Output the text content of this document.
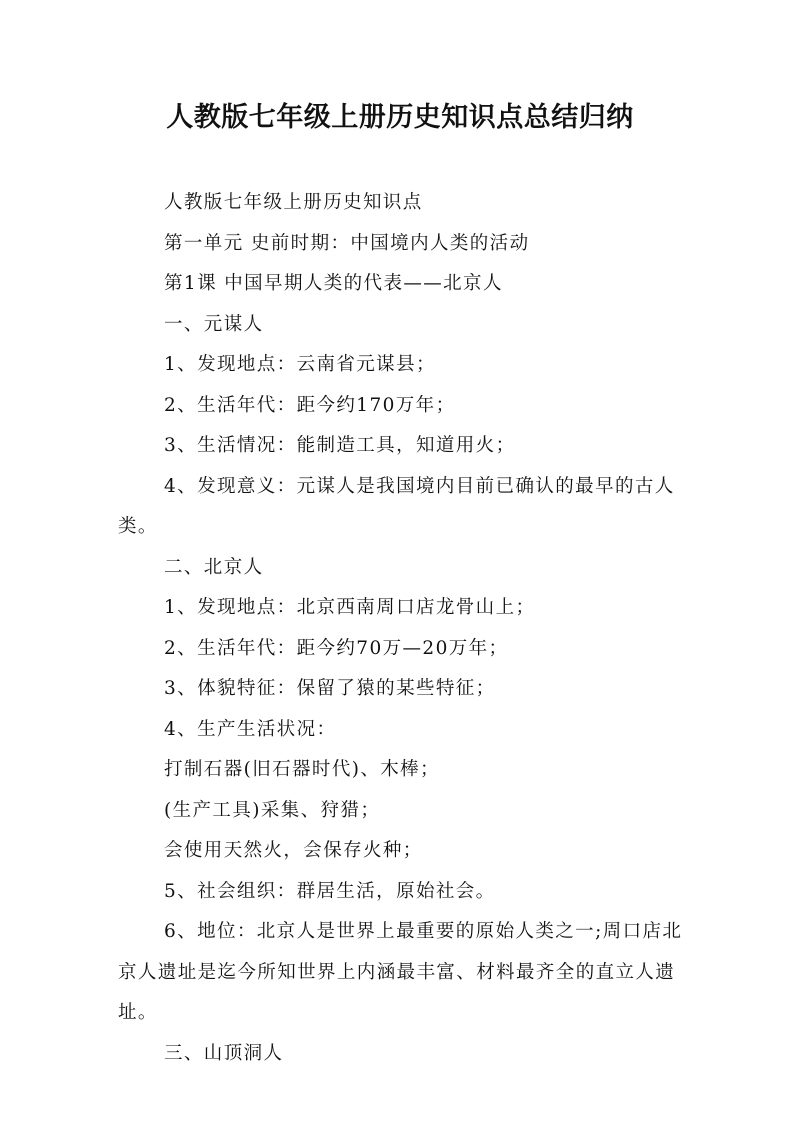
人教版七年级上册历史知识点总结归纳

人教版七年级上册历史知识点

第一单元 史前时期：中国境内人类的活动

第1课 中国早期人类的代表——北京人

一、元谋人

1、发现地点：云南省元谋县；

2、生活年代：距今约170万年；

3、生活情况：能制造工具，知道用火；

4、发现意义：元谋人是我国境内目前已确认的最早的古人类。

二、北京人

1、发现地点：北京西南周口店龙骨山上；

2、生活年代：距今约70万—20万年；

3、体貌特征：保留了猿的某些特征；

4、生产生活状况：

打制石器(旧石器时代)、木棒；

(生产工具)采集、狩猎；

会使用天然火，会保存火种；

5、社会组织：群居生活，原始社会。

6、地位：北京人是世界上最重要的原始人类之一;周口店北京人遗址是迄今所知世界上内涵最丰富、材料最齐全的直立人遗址。

三、山顶洞人
